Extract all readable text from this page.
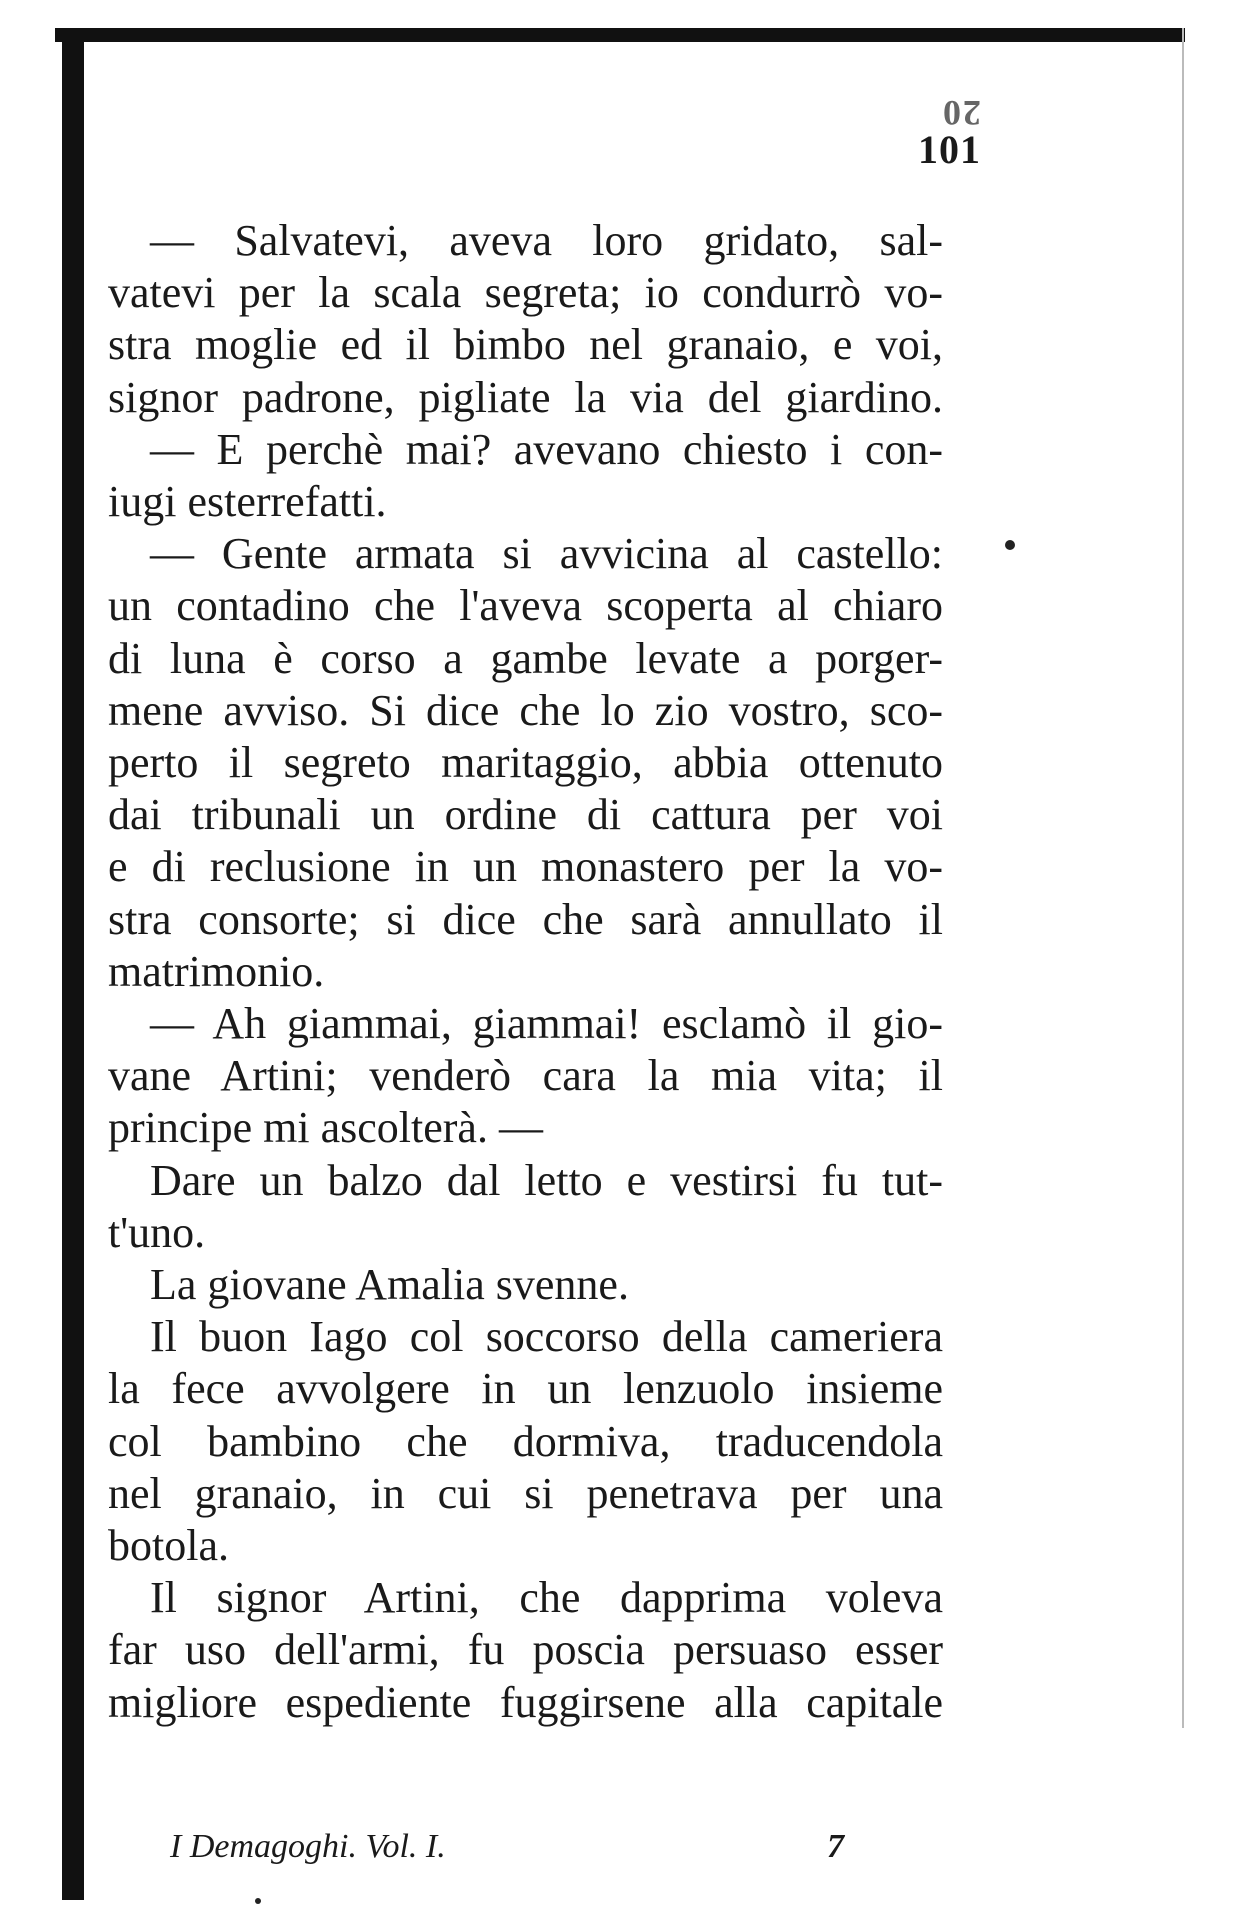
20
101
— Salvatevi, aveva loro gridato, sal-
vatevi per la scala segreta; io condurrò vo-
stra moglie ed il bimbo nel granaio, e voi,
signor padrone, pigliate la via del giardino.
— E perchè mai? avevano chiesto i con-
iugi esterrefatti.
— Gente armata si avvicina al castello:
un contadino che l'aveva scoperta al chiaro
di luna è corso a gambe levate a porger-
mene avviso. Si dice che lo zio vostro, sco-
perto il segreto maritaggio, abbia ottenuto
dai tribunali un ordine di cattura per voi
e di reclusione in un monastero per la vo-
stra consorte; si dice che sarà annullato il
matrimonio.
— Ah giammai, giammai! esclamò il gio-
vane Artini; venderò cara la mia vita; il
principe mi ascolterà. —
Dare un balzo dal letto e vestirsi fu tut-
t'uno.
La giovane Amalia svenne.
Il buon Iago col soccorso della cameriera
la fece avvolgere in un lenzuolo insieme
col bambino che dormiva, traducendola
nel granaio, in cui si penetrava per una
botola.
Il signor Artini, che dapprima voleva
far uso dell'armi, fu poscia persuaso esser
migliore espediente fuggirsene alla capitale
I Demagoghi. Vol. I.	7
